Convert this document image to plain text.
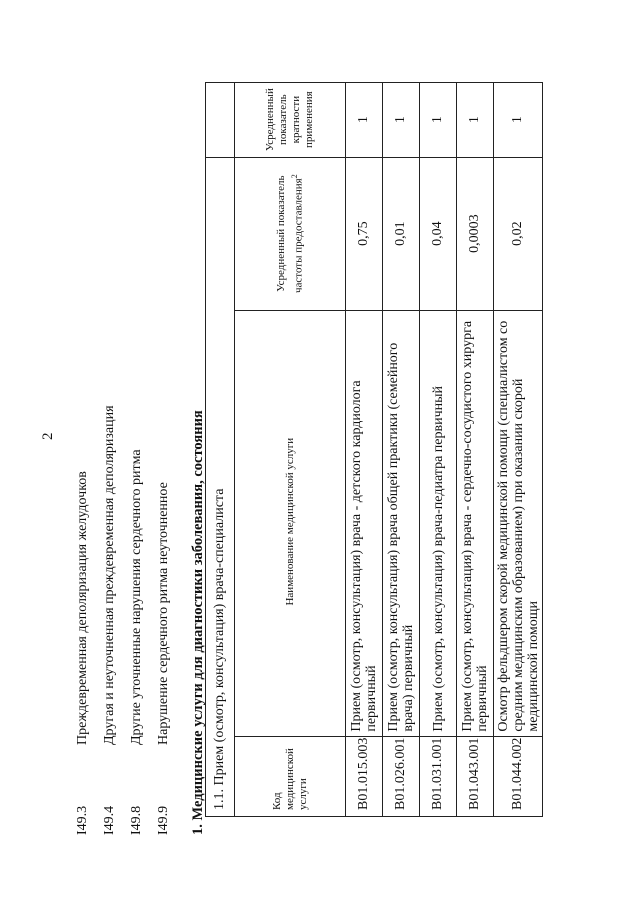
2
I49.3
Преждевременная деполяризация желудочков
I49.4
Другая и неуточненная преждевременная деполяризация
I49.8
Другие уточненные нарушения сердечного ритма
I49.9
Нарушение сердечного ритма неуточненное	1. Медицинские услуги для диагностики заболевания, состояния 1.1. Прием (осмотр, консультация) врача-специалиста			
Код медицинской услуги	Наименование медицинской услуги	Усредненный показатель частоты предоставления$^2$	Усредненный показатель кратности применения
B01.015.003	Прием (осмотр, консультация) врача - детского кардиолога первичный	0,75	1
B01.026.001	Прием (осмотр, консультация) врача общей практики (семейного врача) первичный	0,01	1
B01.031.001	Прием (осмотр, консультация) врача-педиатра первичный	0,04	1
B01.043.001	Прием (осмотр, консультация) врача - сердечно-сосудистого хирурга первичный	0,0003	1
B01.044.002	Осмотр фельдшером скорой медицинской помощи (специалистом со средним медицинским образованием) при оказании скорой медицинской помощи	0,02	1
